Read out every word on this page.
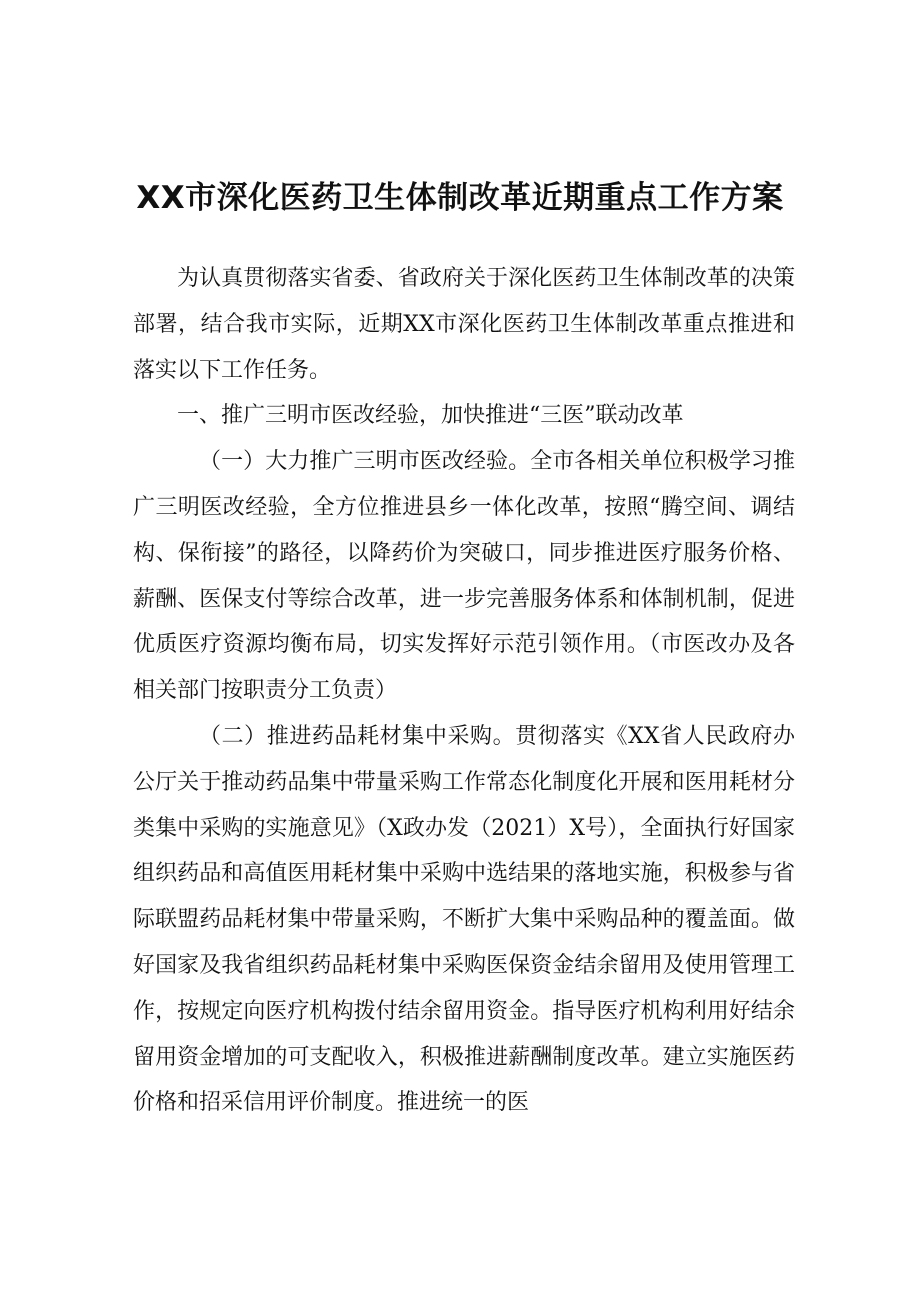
XX市深化医药卫生体制改革近期重点工作方案

为认真贯彻落实省委、省政府关于深化医药卫生体制改革的决策部署，结合我市实际，近期XX市深化医药卫生体制改革重点推进和落实以下工作任务。

一、推广三明市医改经验，加快推进“三医”联动改革

（一）大力推广三明市医改经验。全市各相关单位积极学习推广三明医改经验，全方位推进县乡一体化改革，按照“腾空间、调结构、保衔接”的路径，以降药价为突破口，同步推进医疗服务价格、薪酬、医保支付等综合改革，进一步完善服务体系和体制机制，促进优质医疗资源均衡布局，切实发挥好示范引领作用。（市医改办及各相关部门按职责分工负责）

（二）推进药品耗材集中采购。贯彻落实《XX省人民政府办公厅关于推动药品集中带量采购工作常态化制度化开展和医用耗材分类集中采购的实施意见》（X政办发（2021）X号），全面执行好国家组织药品和高值医用耗材集中采购中选结果的落地实施，积极参与省际联盟药品耗材集中带量采购，不断扩大集中采购品种的覆盖面。做好国家及我省组织药品耗材集中采购医保资金结余留用及使用管理工作，按规定向医疗机构拨付结余留用资金。指导医疗机构利用好结余留用资金增加的可支配收入，积极推进薪酬制度改革。建立实施医药价格和招采信用评价制度。推进统一的医
